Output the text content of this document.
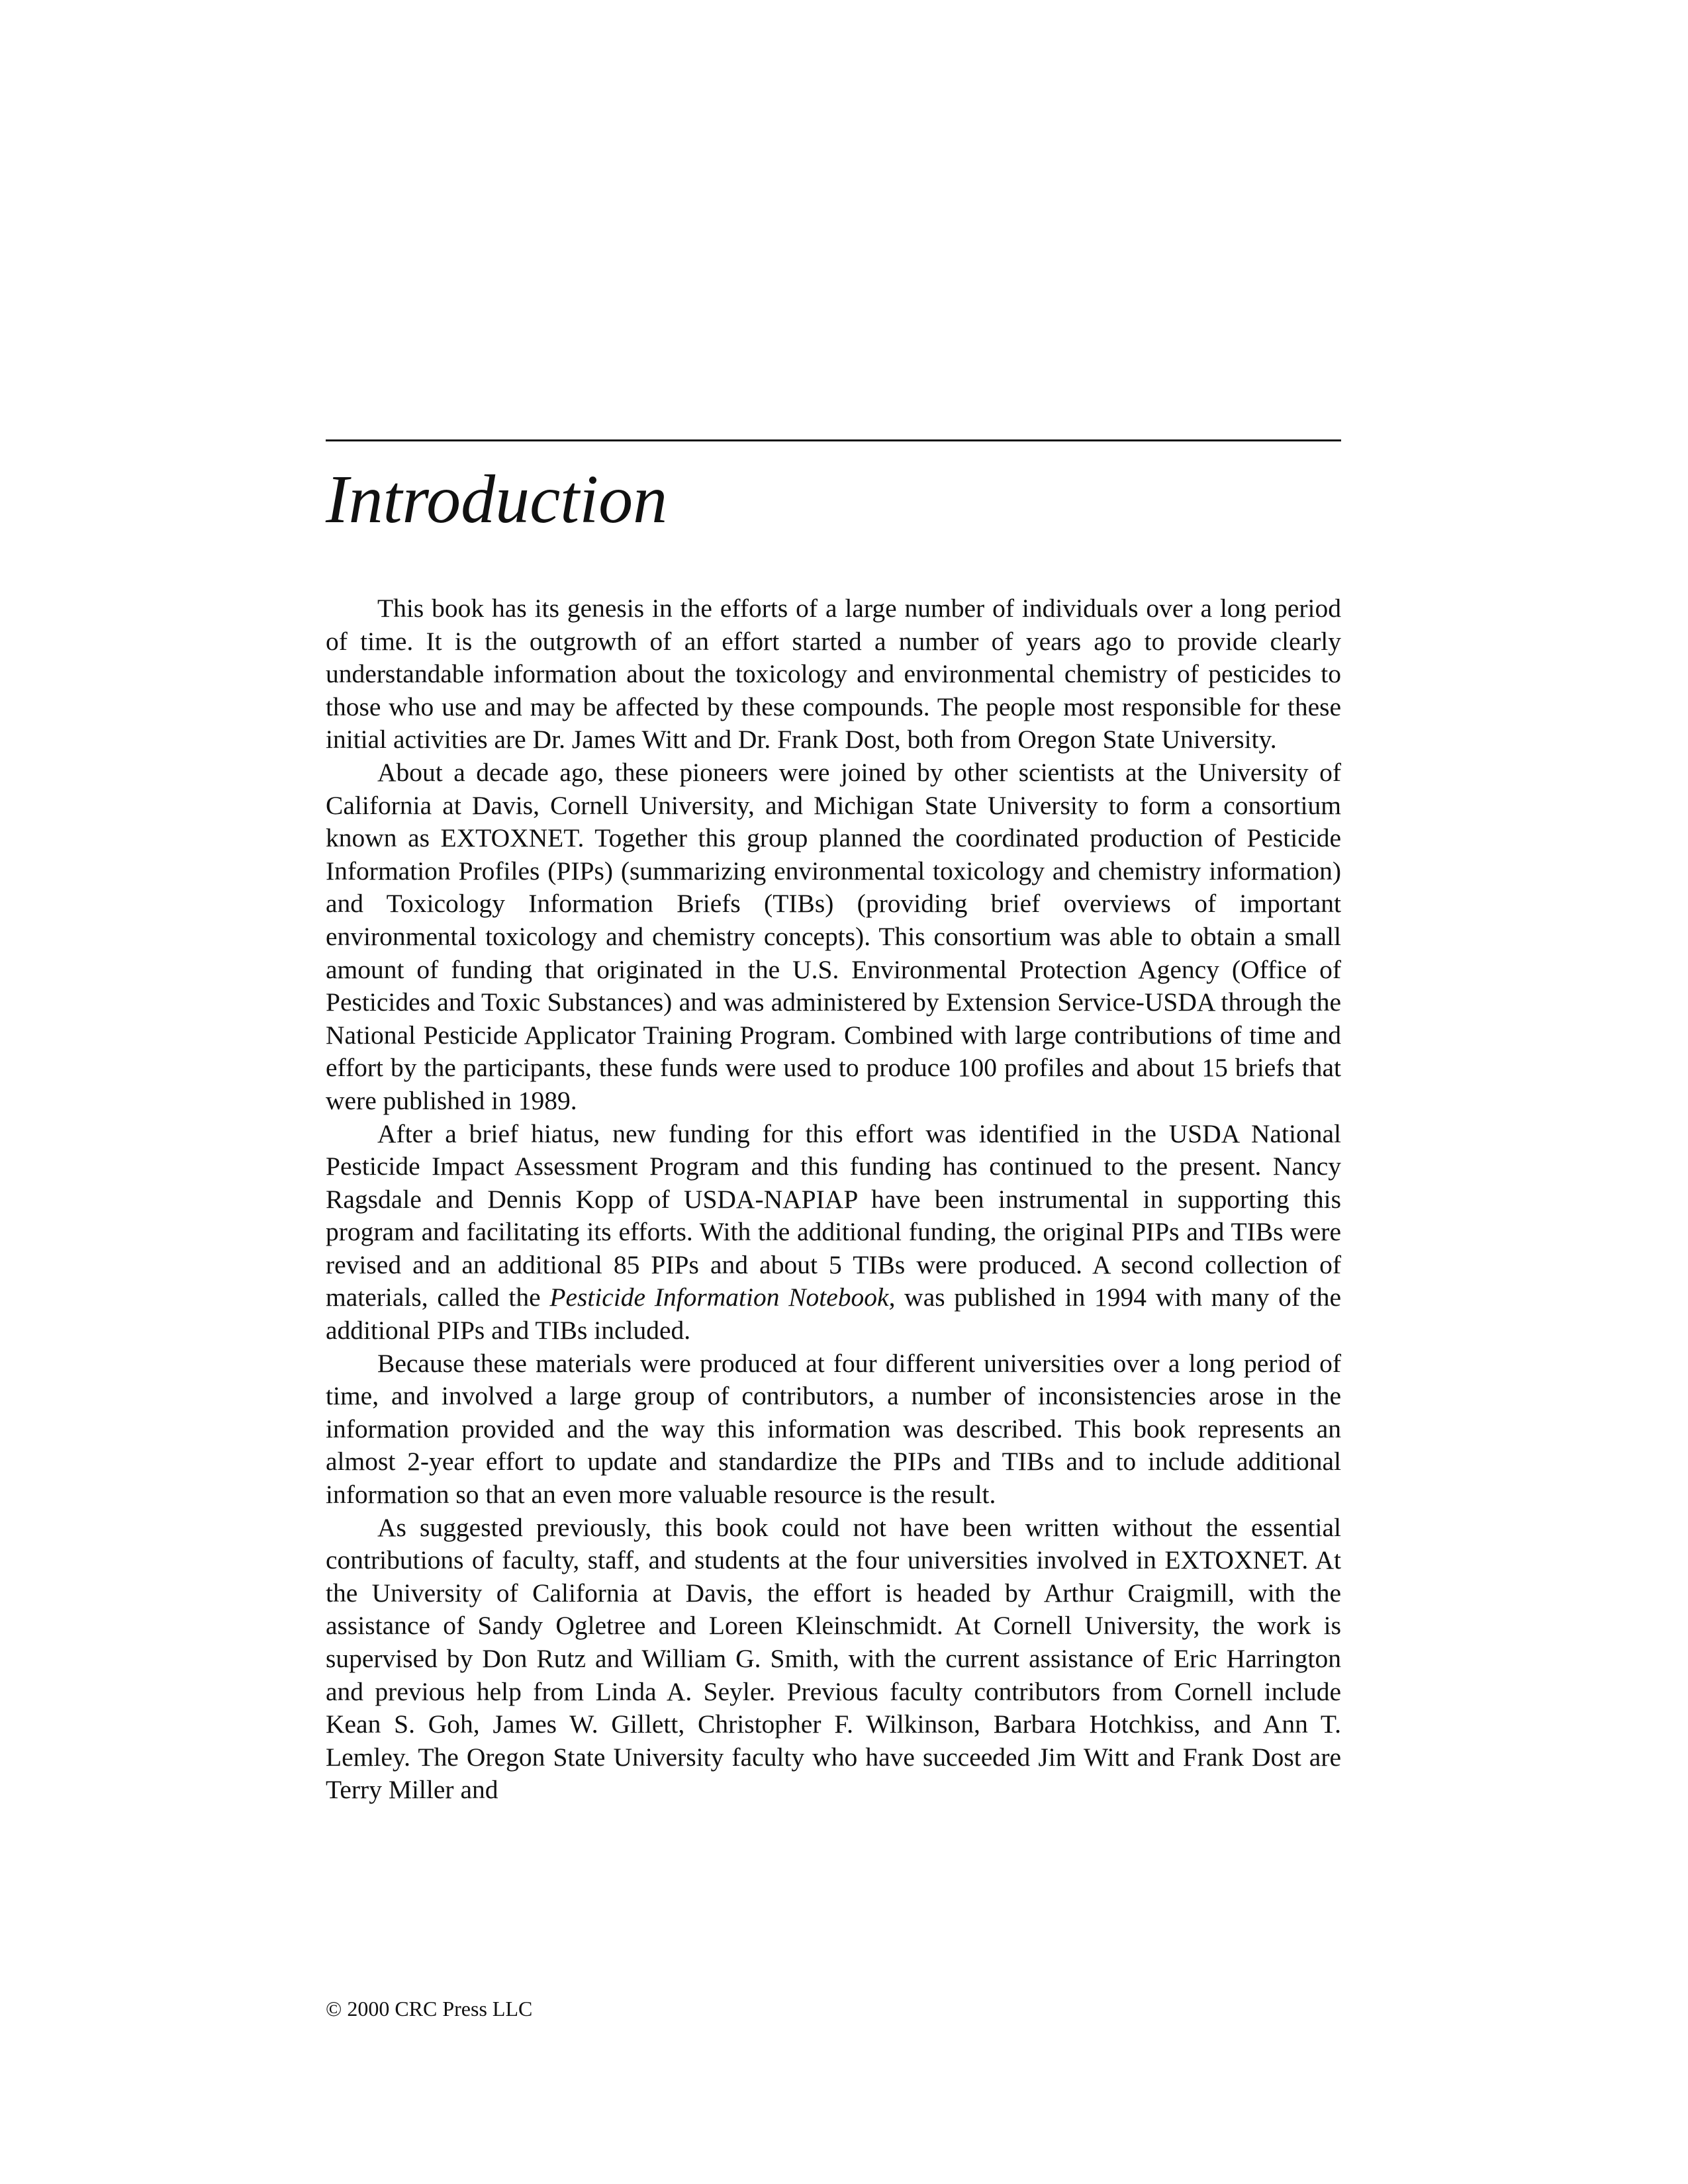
Introduction

This book has its genesis in the efforts of a large number of individuals over a long period of time. It is the outgrowth of an effort started a number of years ago to provide clearly understandable information about the toxicology and environmental chemistry of pesticides to those who use and may be affected by these compounds. The people most responsible for these initial activities are Dr. James Witt and Dr. Frank Dost, both from Oregon State University.

About a decade ago, these pioneers were joined by other scientists at the University of California at Davis, Cornell University, and Michigan State University to form a consortium known as EXTOXNET. Together this group planned the coordinated production of Pesticide Information Profiles (PIPs) (summarizing environmental toxicology and chemistry information) and Toxicology Information Briefs (TIBs) (providing brief overviews of important environmental toxicology and chemistry concepts). This consortium was able to obtain a small amount of funding that originated in the U.S. Environmental Protection Agency (Office of Pesticides and Toxic Substances) and was administered by Extension Service-USDA through the National Pesticide Applicator Training Program. Combined with large contributions of time and effort by the participants, these funds were used to produce 100 profiles and about 15 briefs that were published in 1989.

After a brief hiatus, new funding for this effort was identified in the USDA National Pesticide Impact Assessment Program and this funding has continued to the present. Nancy Ragsdale and Dennis Kopp of USDA-NAPIAP have been instrumental in supporting this program and facilitating its efforts. With the additional funding, the original PIPs and TIBs were revised and an additional 85 PIPs and about 5 TIBs were produced. A second collection of materials, called the Pesticide Information Notebook, was published in 1994 with many of the additional PIPs and TIBs included.

Because these materials were produced at four different universities over a long period of time, and involved a large group of contributors, a number of inconsistencies arose in the information provided and the way this information was described. This book represents an almost 2-year effort to update and standardize the PIPs and TIBs and to include additional information so that an even more valuable resource is the result.

As suggested previously, this book could not have been written without the essential contributions of faculty, staff, and students at the four universities involved in EXTOXNET. At the University of California at Davis, the effort is headed by Arthur Craigmill, with the assistance of Sandy Ogletree and Loreen Kleinschmidt. At Cornell University, the work is supervised by Don Rutz and William G. Smith, with the current assistance of Eric Harrington and previous help from Linda A. Seyler. Previous faculty contributors from Cornell include Kean S. Goh, James W. Gillett, Christopher F. Wilkinson, Barbara Hotchkiss, and Ann T. Lemley. The Oregon State University faculty who have succeeded Jim Witt and Frank Dost are Terry Miller and

© 2000 CRC Press LLC
